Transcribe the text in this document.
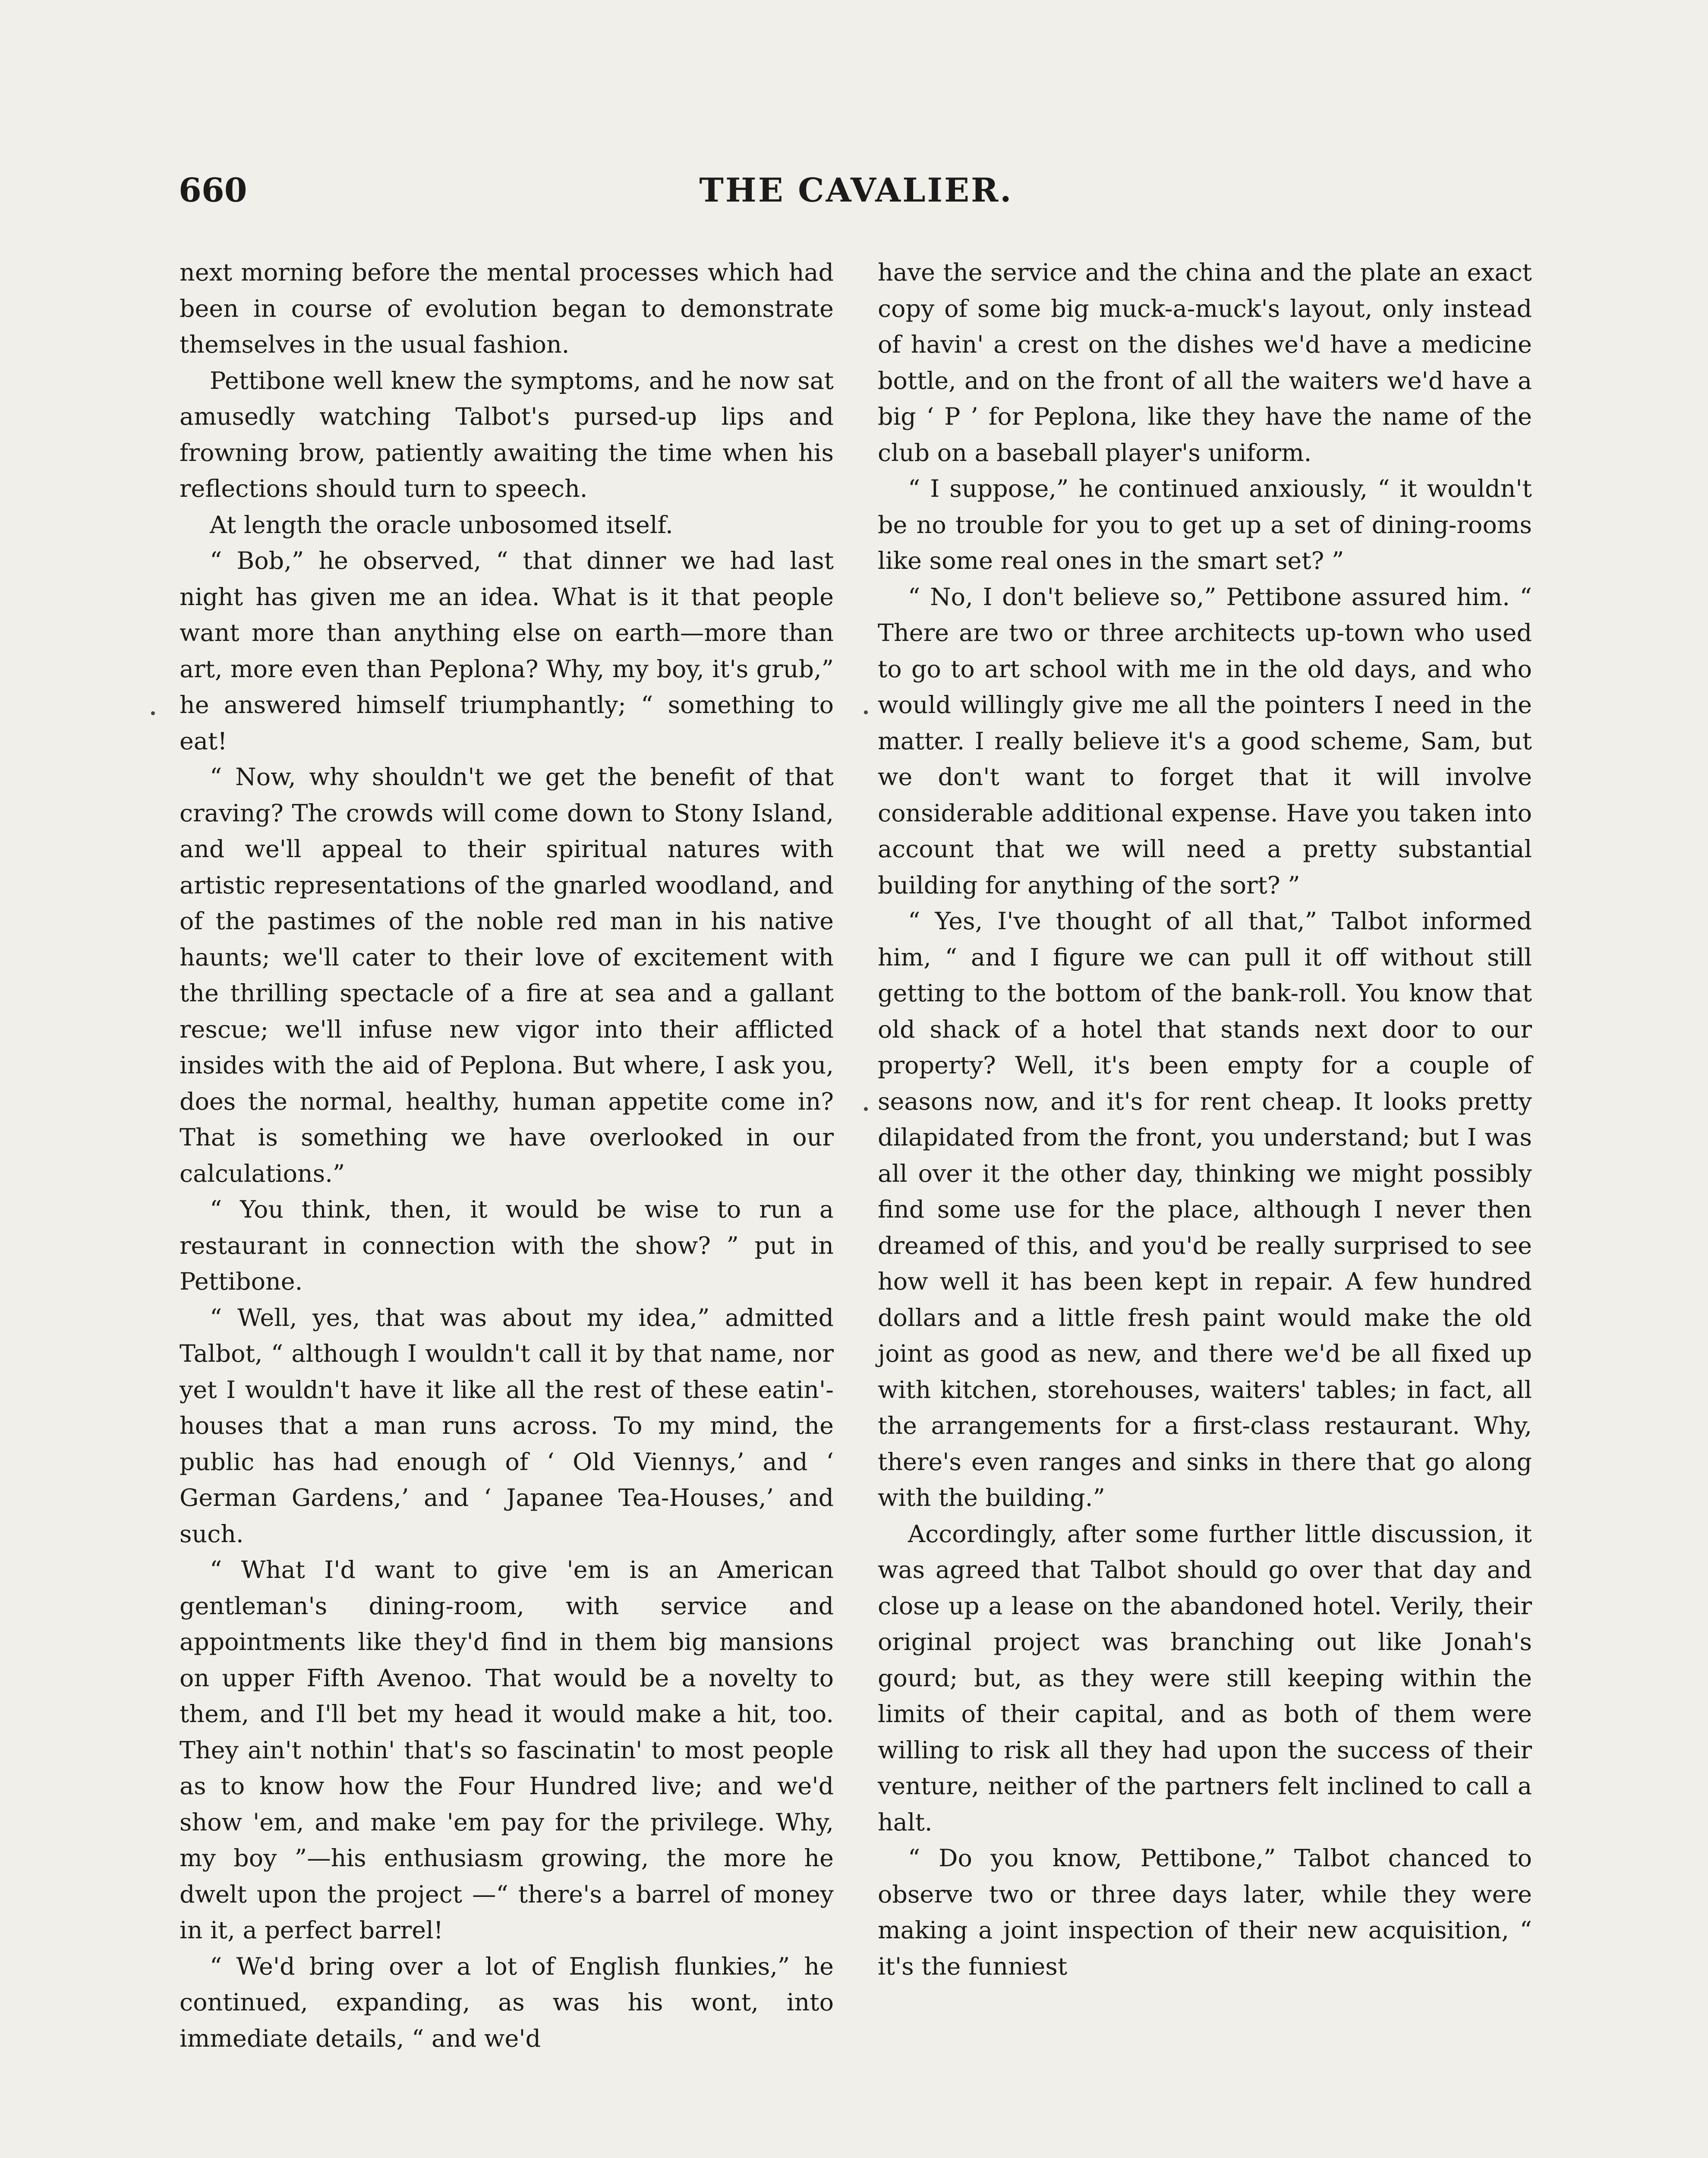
660	THE CAVALIER.

next morning before the mental processes which had been in course of evolution began to demonstrate themselves in the usual fashion.

Pettibone well knew the symptoms, and he now sat amusedly watching Talbot's pursed-up lips and frowning brow, patiently awaiting the time when his reflections should turn to speech.

At length the oracle unbosomed itself.

“ Bob,” he observed, “ that dinner we had last night has given me an idea. What is it that people want more than anything else on earth—more than art, more even than Peplona? Why, my boy, it's grub,” he answered himself triumphantly; “ something to eat!

“ Now, why shouldn't we get the benefit of that craving? The crowds will come down to Stony Island, and we'll appeal to their spiritual natures with artistic representations of the gnarled woodland, and of the pastimes of the noble red man in his native haunts; we'll cater to their love of excitement with the thrilling spectacle of a fire at sea and a gallant rescue; we'll infuse new vigor into their afflicted insides with the aid of Peplona. But where, I ask you, does the normal, healthy, human appetite come in? That is something we have overlooked in our calculations.”

“ You think, then, it would be wise to run a restaurant in connection with the show? ” put in Pettibone.

“ Well, yes, that was about my idea,” admitted Talbot, “ although I wouldn't call it by that name, nor yet I wouldn't have it like all the rest of these eatin'-houses that a man runs across. To my mind, the public has had enough of ‘ Old Viennys,’ and ‘ German Gardens,’ and ‘ Japanee Tea-Houses,’ and such.

“ What I'd want to give 'em is an American gentleman's dining-room, with service and appointments like they'd find in them big mansions on upper Fifth Avenoo. That would be a novelty to them, and I'll bet my head it would make a hit, too. They ain't nothin' that's so fascinatin' to most people as to know how the Four Hundred live; and we'd show 'em, and make 'em pay for the privilege. Why, my boy ”—his enthusiasm growing, the more he dwelt upon the project —“ there's a barrel of money in it, a perfect barrel!

“ We'd bring over a lot of English flunkies,” he continued, expanding, as was his wont, into immediate details, “ and we'd

have the service and the china and the plate an exact copy of some big muck-a-muck's layout, only instead of havin' a crest on the dishes we'd have a medicine bottle, and on the front of all the waiters we'd have a big ‘ P ’ for Peplona, like they have the name of the club on a baseball player's uniform.

“ I suppose,” he continued anxiously, “ it wouldn't be no trouble for you to get up a set of dining-rooms like some real ones in the smart set? ”

“ No, I don't believe so,” Pettibone assured him. “ There are two or three architects up-town who used to go to art school with me in the old days, and who would willingly give me all the pointers I need in the matter. I really believe it's a good scheme, Sam, but we don't want to forget that it will involve considerable additional expense. Have you taken into account that we will need a pretty substantial building for anything of the sort? ”

“ Yes, I've thought of all that,” Talbot informed him, “ and I figure we can pull it off without still getting to the bottom of the bank-roll. You know that old shack of a hotel that stands next door to our property? Well, it's been empty for a couple of seasons now, and it's for rent cheap. It looks pretty dilapidated from the front, you understand; but I was all over it the other day, thinking we might possibly find some use for the place, although I never then dreamed of this, and you'd be really surprised to see how well it has been kept in repair. A few hundred dollars and a little fresh paint would make the old joint as good as new, and there we'd be all fixed up with kitchen, storehouses, waiters' tables; in fact, all the arrangements for a first-class restaurant. Why, there's even ranges and sinks in there that go along with the building.”

Accordingly, after some further little discussion, it was agreed that Talbot should go over that day and close up a lease on the abandoned hotel. Verily, their original project was branching out like Jonah's gourd; but, as they were still keeping within the limits of their capital, and as both of them were willing to risk all they had upon the success of their venture, neither of the partners felt inclined to call a halt.

“ Do you know, Pettibone,” Talbot chanced to observe two or three days later, while they were making a joint inspection of their new acquisition, “ it's the funniest
